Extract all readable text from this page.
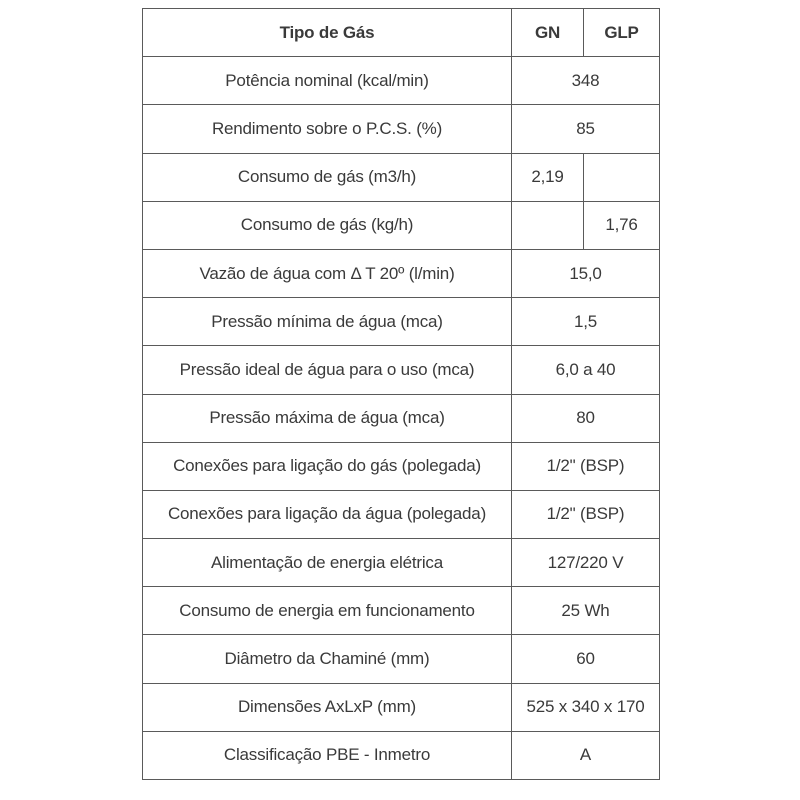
Tipo de Gás	GN	GLP
Potência nominal (kcal/min)	348	
Rendimento sobre o P.C.S. (%)	85	
Consumo de gás (m3/h)	2,19	
Consumo de gás (kg/h)		1,76
Vazão de água com Δ T 20º (l/min)	15,0	
Pressão mínima de água (mca)	1,5	
Pressão ideal de água para o uso (mca)	6,0 a 40	
Pressão máxima de água (mca)	80	
Conexões para ligação do gás (polegada)	1/2" (BSP)	
Conexões para ligação da água (polegada)	1/2" (BSP)	
Alimentação de energia elétrica	127/220 V	
Consumo de energia em funcionamento	25 Wh	
Diâmetro da Chaminé (mm)	60	
Dimensões AxLxP (mm)	525 x 340 x 170	
Classificação PBE - Inmetro	A	
